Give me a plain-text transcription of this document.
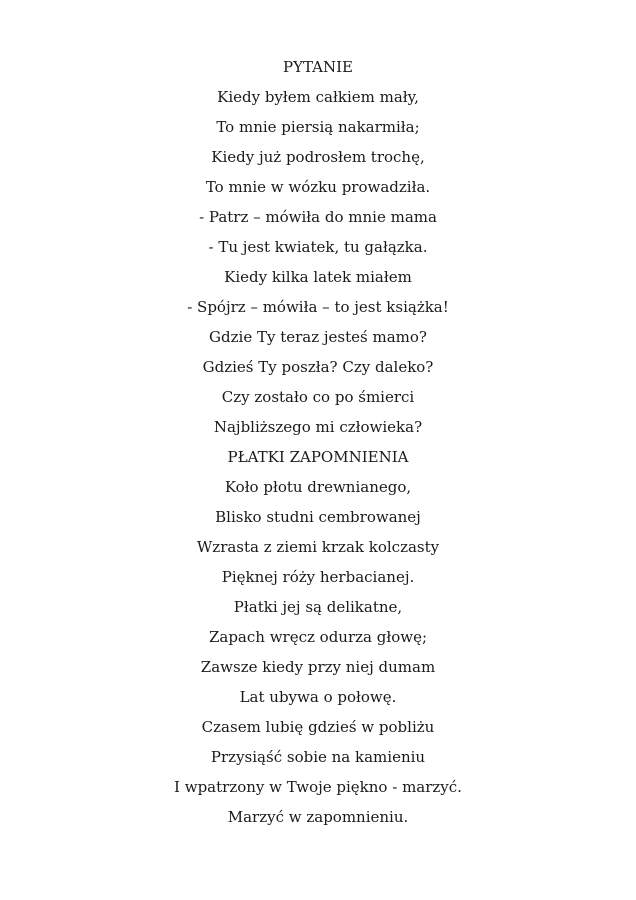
PYTANIE
Kiedy byłem całkiem mały,
To mnie piersią nakarmiła;
Kiedy już podrosłem trochę,
To mnie w wózku prowadziła.
- Patrz – mówiła do mnie mama
- Tu jest kwiatek, tu gałązka.
Kiedy kilka latek miałem
- Spójrz – mówiła – to jest książka!
Gdzie Ty teraz jesteś mamo?
Gdzieś Ty poszła? Czy daleko?
Czy zostało co po śmierci
Najbliższego mi człowieka?
PŁATKI ZAPOMNIENIA
Koło płotu drewnianego,
Blisko studni cembrowanej
Wzrasta z ziemi krzak kolczasty
Pięknej róży herbacianej.
Płatki jej są delikatne,
Zapach wręcz odurza głowę;
Zawsze kiedy przy niej dumam
Lat ubywa o połowę.
Czasem lubię gdzieś w pobliżu
Przysiąść sobie na kamieniu
I wpatrzony w Twoje piękno - marzyć.
Marzyć w zapomnieniu.
